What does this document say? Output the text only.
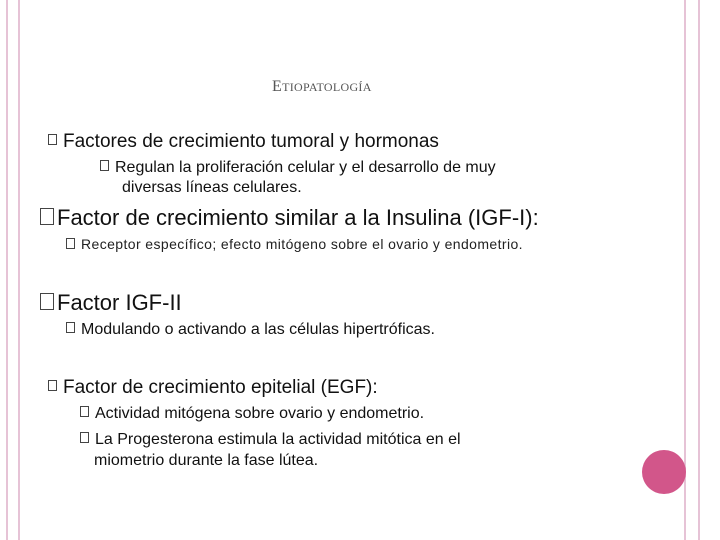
ETIOPATOLOGÍA
Factores de crecimiento tumoral y hormonas
Regulan la proliferación celular y el desarrollo de muy
diversas líneas celulares.
Factor de crecimiento similar a la Insulina (IGF-I):
Receptor específico; efecto mitógeno sobre el ovario y endometrio.
Factor IGF-II
Modulando o activando a las células hipertróficas.
Factor de crecimiento epitelial (EGF):
Actividad mitógena sobre ovario y endometrio.
La Progesterona estimula la actividad mitótica en el
miometrio durante la fase lútea.
